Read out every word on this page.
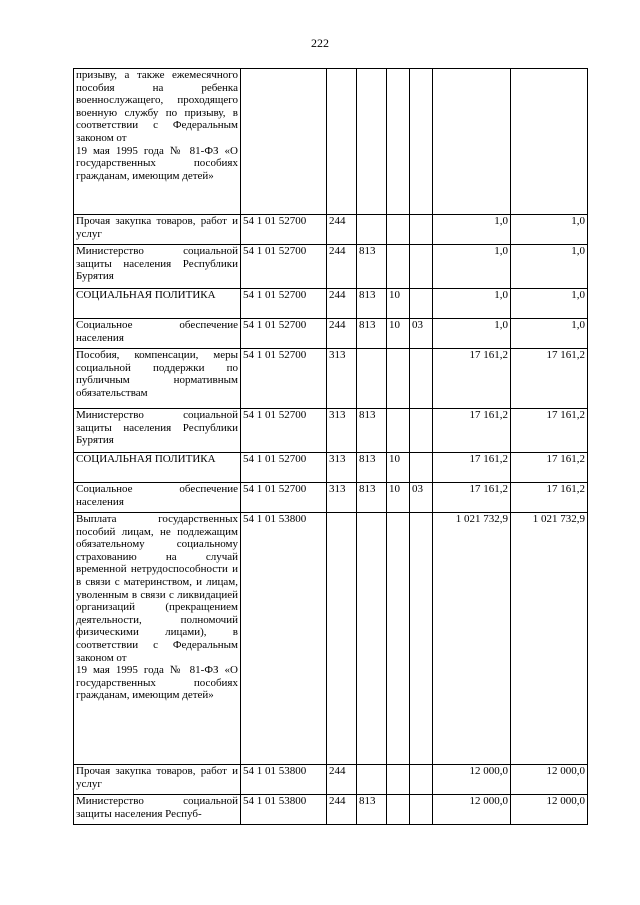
222
призыву, а также ежемесячного пособия на ребенка военнослужащего, проходящего военную службу по призыву, в соответствии с Федеральным законом от
19 мая 1995 года № 81-ФЗ «О государственных пособиях гражданам, имеющим детей»							
Прочая закупка товаров, работ и услуг	54 1 01 52700	244				1,0	1,0
Министерство социальной защиты населения Республики Бурятия	54 1 01 52700	244	813			1,0	1,0
СОЦИАЛЬНАЯ ПОЛИТИКА	54 1 01 52700	244	813	10		1,0	1,0
Социальное обеспечение населения	54 1 01 52700	244	813	10	03	1,0	1,0
Пособия, компенсации, меры социальной поддержки по публичным нормативным обязательствам	54 1 01 52700	313				17 161,2	17 161,2
Министерство социальной защиты населения Республики Бурятия	54 1 01 52700	313	813			17 161,2	17 161,2
СОЦИАЛЬНАЯ ПОЛИТИКА	54 1 01 52700	313	813	10		17 161,2	17 161,2
Социальное обеспечение населения	54 1 01 52700	313	813	10	03	17 161,2	17 161,2
Выплата государственных пособий лицам, не подлежащим обязательному социальному страхованию на случай временной нетрудоспособности и в связи с материнством, и лицам, уволенным в связи с ликвидацией организаций (прекращением деятельности, полномочий физическими лицами), в соответствии с Федеральным законом от
19 мая 1995 года № 81-ФЗ «О государственных пособиях гражданам, имеющим детей»	54 1 01 53800					1 021 732,9	1 021 732,9
Прочая закупка товаров, работ и услуг	54 1 01 53800	244				12 000,0	12 000,0
Министерство социальной защиты населения Респуб-	54 1 01 53800	244	813			12 000,0	12 000,0
